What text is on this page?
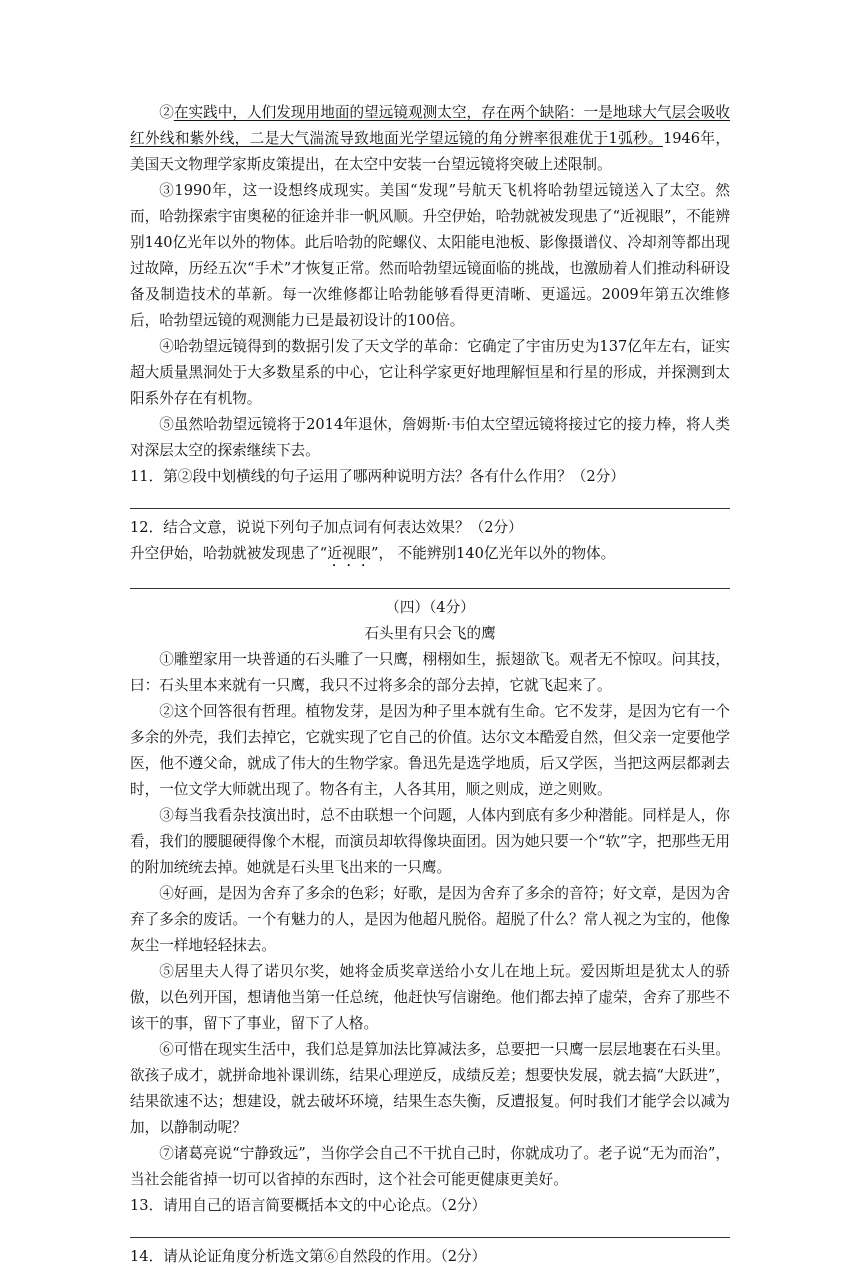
②在实践中，人们发现用地面的望远镜观测太空，存在两个缺陷：一是地球大气层会吸收红外线和紫外线，二是大气湍流导致地面光学望远镜的角分辨率很难优于1弧秒。1946年，美国天文物理学家斯皮策提出，在太空中安装一台望远镜将突破上述限制。

③1990年，这一设想终成现实。美国“发现”号航天飞机将哈勃望远镜送入了太空。然而，哈勃探索宇宙奥秘的征途并非一帆风顺。升空伊始，哈勃就被发现患了“近视眼”，不能辨别140亿光年以外的物体。此后哈勃的陀螺仪、太阳能电池板、影像摄谱仪、冷却剂等都出现过故障，历经五次“手术”才恢复正常。然而哈勃望远镜面临的挑战，也激励着人们推动科研设备及制造技术的革新。每一次维修都让哈勃能够看得更清晰、更遥远。2009年第五次维修后，哈勃望远镜的观测能力已是最初设计的100倍。

④哈勃望远镜得到的数据引发了天文学的革命：它确定了宇宙历史为137亿年左右，证实超大质量黑洞处于大多数星系的中心，它让科学家更好地理解恒星和行星的形成，并探测到太阳系外存在有机物。

⑤虽然哈勃望远镜将于2014年退休，詹姆斯·韦伯太空望远镜将接过它的接力棒，将人类对深层太空的探索继续下去。

11．第②段中划横线的句子运用了哪两种说明方法？各有什么作用？（2分）

12．结合文意，说说下列句子加点词有何表达效果？（2分）

升空伊始，哈勃就被发现患了“近视眼”， 不能辨别140亿光年以外的物体。

（四）（4分）

石头里有只会飞的鹰

①雕塑家用一块普通的石头雕了一只鹰，栩栩如生，振翅欲飞。观者无不惊叹。问其技，曰：石头里本来就有一只鹰，我只不过将多余的部分去掉，它就飞起来了。

②这个回答很有哲理。植物发芽，是因为种子里本就有生命。它不发芽，是因为它有一个多余的外壳，我们去掉它，它就实现了它自己的价值。达尔文本酷爱自然，但父亲一定要他学医，他不遵父命，就成了伟大的生物学家。鲁迅先是选学地质，后又学医，当把这两层都剥去时，一位文学大师就出现了。物各有主，人各其用，顺之则成，逆之则败。

③每当我看杂技演出时，总不由联想一个问题，人体内到底有多少种潜能。同样是人，你看，我们的腰腿硬得像个木棍，而演员却软得像块面团。因为她只要一个“软”字，把那些无用的附加统统去掉。她就是石头里飞出来的一只鹰。

④好画，是因为舍弃了多余的色彩；好歌，是因为舍弃了多余的音符；好文章，是因为舍弃了多余的废话。一个有魅力的人，是因为他超凡脱俗。超脱了什么？常人视之为宝的，他像灰尘一样地轻轻抹去。

⑤居里夫人得了诺贝尔奖，她将金质奖章送给小女儿在地上玩。爱因斯坦是犹太人的骄傲，以色列开国，想请他当第一任总统，他赶快写信谢绝。他们都去掉了虚荣，舍弃了那些不该干的事，留下了事业，留下了人格。

⑥可惜在现实生活中，我们总是算加法比算减法多，总要把一只鹰一层层地裹在石头里。欲孩子成才，就拼命地补课训练，结果心理逆反，成绩反差；想要快发展，就去搞“大跃进”，结果欲速不达；想建设，就去破坏环境，结果生态失衡，反遭报复。何时我们才能学会以减为加，以静制动呢？

⑦诸葛亮说“宁静致远”，当你学会自己不干扰自己时，你就成功了。老子说“无为而治”，当社会能省掉一切可以省掉的东西时，这个社会可能更健康更美好。

13．请用自己的语言简要概括本文的中心论点。（2分）

14．请从论证角度分析选文第⑥自然段的作用。（2分）
